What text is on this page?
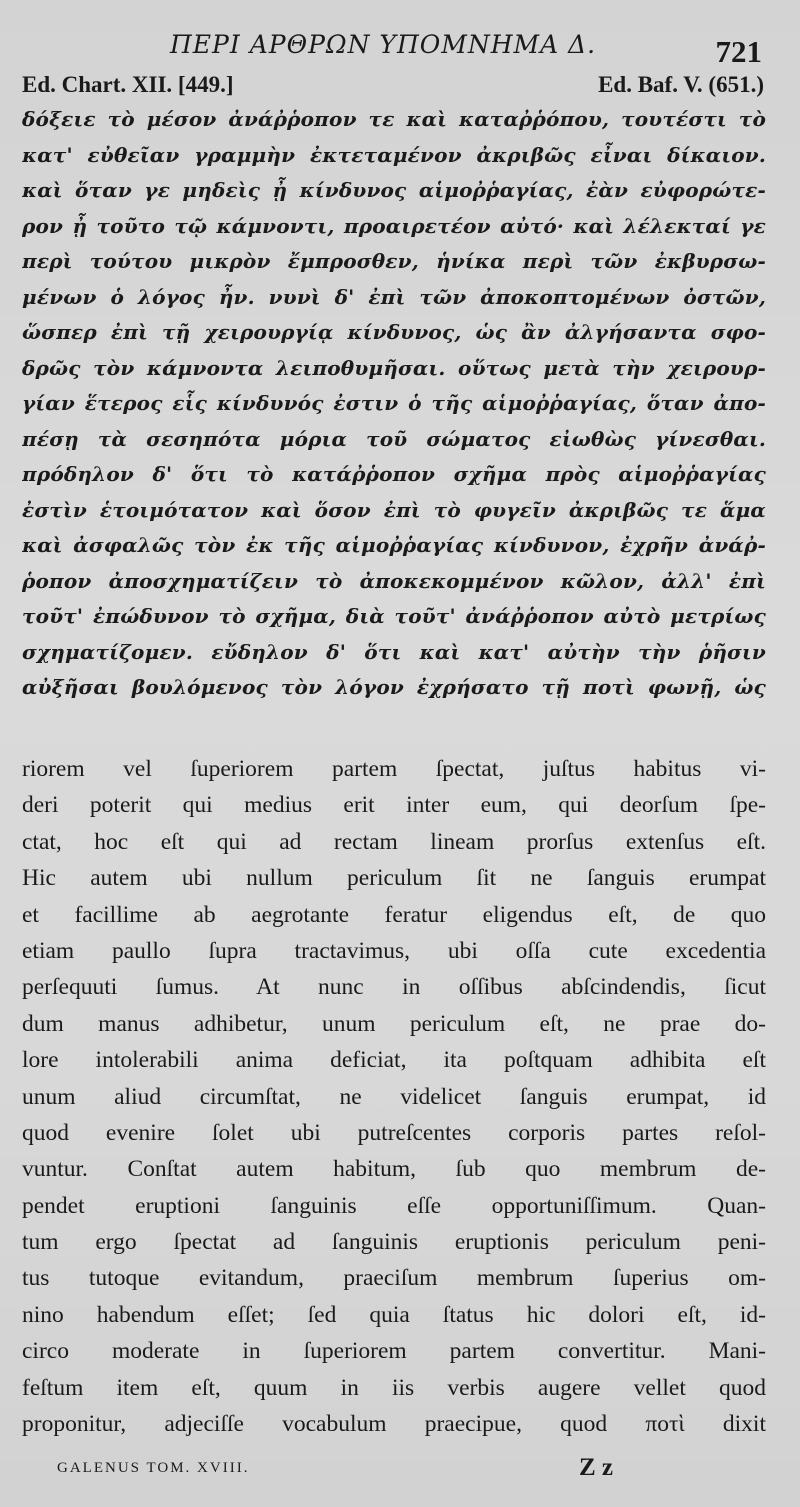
ΠΕΡΙ ΑΡΘΡΩΝ ΥΠΟΜΝΗΜΑ Δ.	721
Ed. Chart. XII. [449.]	Ed. Baf. V. (651.)
δόξειε τὸ μέσον ἀνάῤῥοπον τε καὶ καταῤῥόπου, τουτέστι τὸ
κατ' εὐθεῖαν γραμμὴν ἐκτεταμένον ἀκριβῶς εἶναι δίκαιον.
καὶ ὅταν γε μηδεὶς ᾖ κίνδυνος αἱμοῤῥαγίας, ἐὰν εὐφορώτε-
ρον ᾖ τοῦτο τῷ κάμνοντι, προαιρετέον αὐτό· καὶ λέλεκταί γε
περὶ τούτου μικρὸν ἔμπροσθεν, ἡνίκα περὶ τῶν ἐκβυρσω-
μένων ὁ λόγος ἦν. νυνὶ δ' ἐπὶ τῶν ἀποκοπτομένων ὀστῶν,
ὥσπερ ἐπὶ τῇ χειρουργίᾳ κίνδυνος, ὡς ἂν ἀλγήσαντα σφο-
δρῶς τὸν κάμνοντα λειποθυμῆσαι. οὕτως μετὰ τὴν χειρουρ-
γίαν ἕτερος εἷς κίνδυνός ἐστιν ὁ τῆς αἱμοῤῥαγίας, ὅταν ἀπο-
πέσῃ τὰ σεσηπότα μόρια τοῦ σώματος εἰωθὼς γίνεσθαι.
πρόδηλον δ' ὅτι τὸ κατάῤῥοπον σχῆμα πρὸς αἱμοῤῥαγίας
ἐστὶν ἑτοιμότατον καὶ ὅσον ἐπὶ τὸ φυγεῖν ἀκριβῶς τε ἅμα
καὶ ἀσφαλῶς τὸν ἐκ τῆς αἱμοῤῥαγίας κίνδυνον, ἐχρῆν ἀνάῤ-
ῥοπον ἀποσχηματίζειν τὸ ἀποκεκομμένον κῶλον, ἀλλ' ἐπὶ
τοῦτ' ἐπώδυνον τὸ σχῆμα, διὰ τοῦτ' ἀνάῤῥοπον αὐτὸ μετρίως
σχηματίζομεν. εὔδηλον δ' ὅτι καὶ κατ' αὐτὴν τὴν ῥῆσιν
αὐξῆσαι βουλόμενος τὸν λόγον ἐχρήσατο τῇ ποτὶ φωνῇ, ὡς
riorem vel ſuperiorem partem ſpectat, juſtus habitus vi-
deri poterit qui medius erit inter eum, qui deorſum ſpe-
ctat, hoc eſt qui ad rectam lineam prorſus extenſus eſt.
Hic autem ubi nullum periculum ſit ne ſanguis erumpat
et facillime ab aegrotante feratur eligendus eſt, de quo
etiam paullo ſupra tractavimus, ubi oſſa cute excedentia
perſequuti ſumus. At nunc in oſſibus abſcindendis, ſicut
dum manus adhibetur, unum periculum eſt, ne prae do-
lore intolerabili anima deficiat, ita poſtquam adhibita eſt
unum aliud circumſtat, ne videlicet ſanguis erumpat, id
quod evenire ſolet ubi putreſcentes corporis partes reſol-
vuntur. Conſtat autem habitum, ſub quo membrum de-
pendet eruptioni ſanguinis eſſe opportuniſſimum. Quan-
tum ergo ſpectat ad ſanguinis eruptionis periculum peni-
tus tutoque evitandum, praeciſum membrum ſuperius om-
nino habendum eſſet; ſed quia ſtatus hic dolori eſt, id-
circo moderate in ſuperiorem partem convertitur. Mani-
feſtum item eſt, quum in iis verbis augere vellet quod
proponitur, adjeciſſe vocabulum praecipue, quod ποτὶ dixit
GALENUS TOM. XVIII.	Z z
